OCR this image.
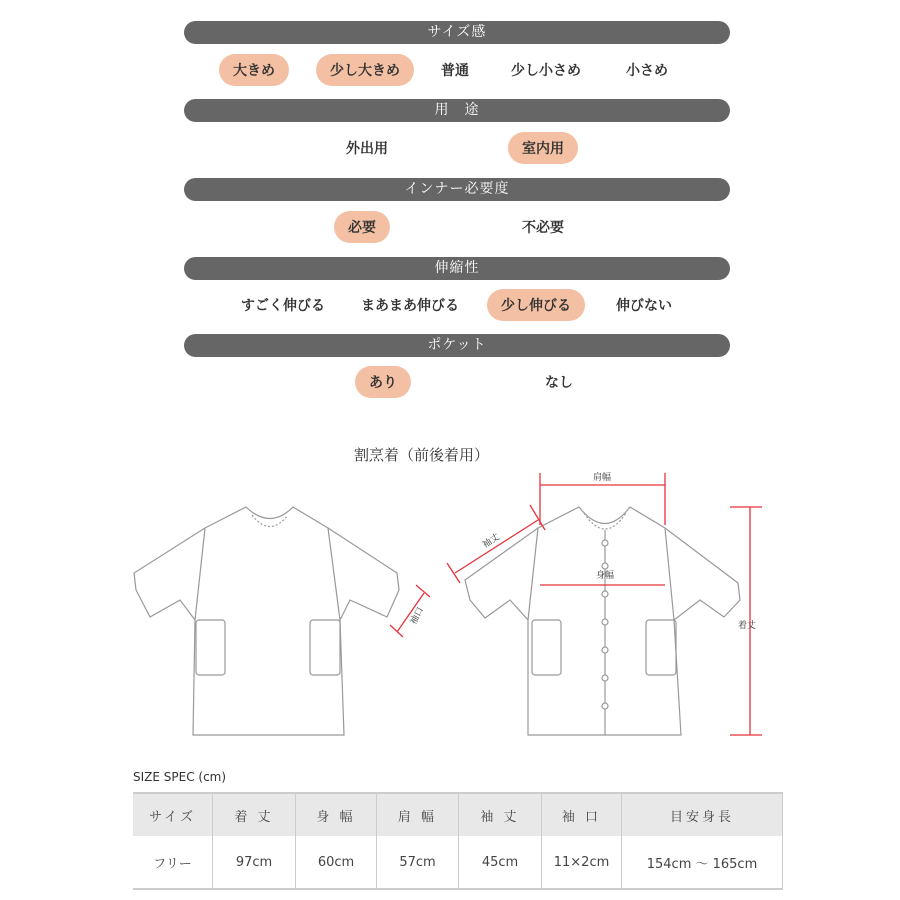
サイズ感
大きめ	少し大きめ	普通	少し小さめ	小さめ
用　途
外出用	室内用
インナー必要度
必要	不必要
伸縮性
すごく伸びる	まあまあ伸びる	少し伸びる	伸びない
ポケット
あり	なし
割烹着（前後着用）
肩幅
身幅
着丈
袖丈
袖口
SIZE SPEC (cm)
サイズ	着 丈	身 幅	肩 幅	袖 丈	袖 口	目安身長
フリー	97cm	60cm	57cm	45cm	11×2cm	154cm 〜 165cm
